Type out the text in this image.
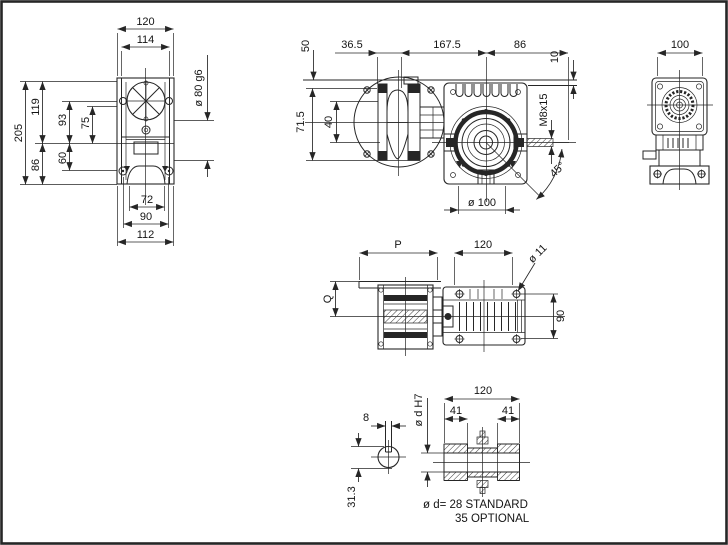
120
114
205
119
86
93 75
60
ø 80 g6
72
90
112
36.5	167.5	86
50
10
71.5 40	M8x15
45°
ø 100
100
P	120	ø 11
Q
90
8
31.3
120
41	41
ø d H7
ø d= 28 STANDARD
35 OPTIONAL
